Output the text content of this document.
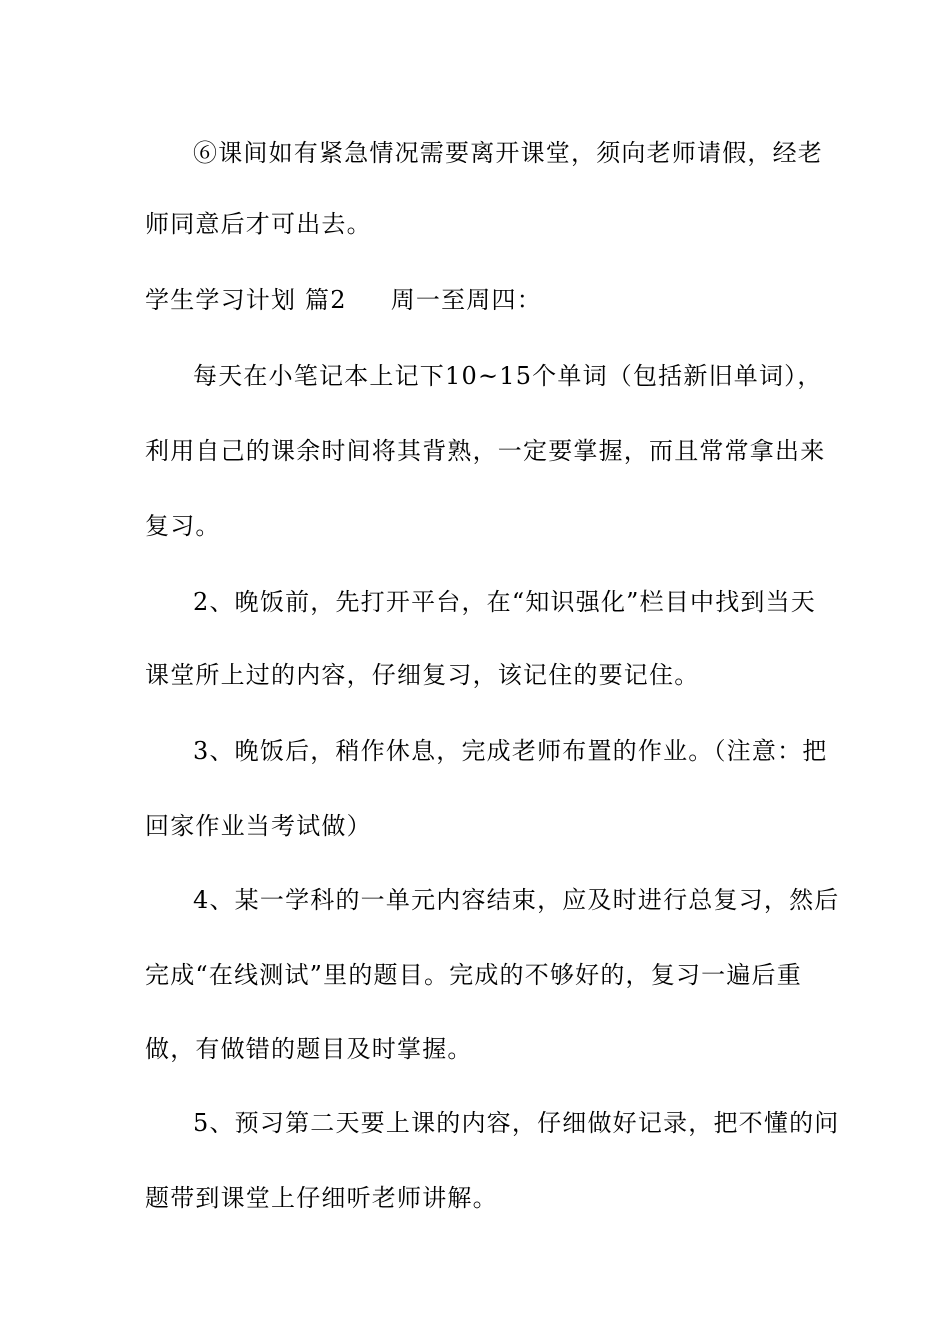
⑥课间如有紧急情况需要离开课堂，须向老师请假，经老
师同意后才可出去。
学生学习计划 篇2 周一至周四：
每天在小笔记本上记下10~15个单词（包括新旧单词），
利用自己的课余时间将其背熟，一定要掌握，而且常常拿出来
复习。
2、晚饭前，先打开平台，在“知识强化”栏目中找到当天
课堂所上过的内容，仔细复习，该记住的要记住。
3、晚饭后，稍作休息，完成老师布置的作业。（注意：把
回家作业当考试做）
4、某一学科的一单元内容结束，应及时进行总复习，然后
完成“在线测试”里的题目。完成的不够好的，复习一遍后重
做，有做错的题目及时掌握。
5、预习第二天要上课的内容，仔细做好记录，把不懂的问
题带到课堂上仔细听老师讲解。
